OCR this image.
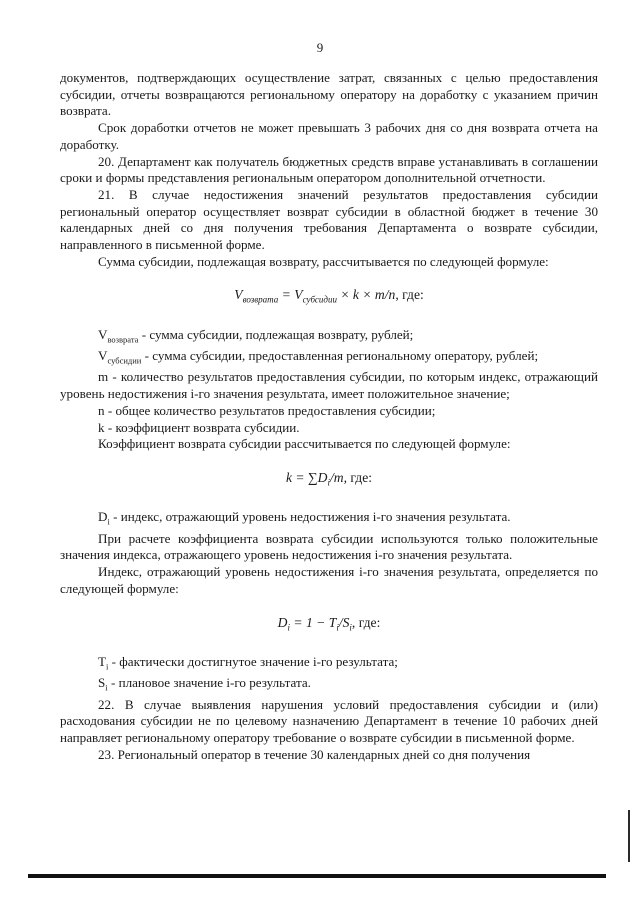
9

документов, подтверждающих осуществление затрат, связанных с целью предоставления субсидии, отчеты возвращаются региональному оператору на доработку с указанием причин возврата.

Срок доработки отчетов не может превышать 3 рабочих дня со дня возврата отчета на доработку.

20. Департамент как получатель бюджетных средств вправе устанавливать в соглашении сроки и формы представления региональным оператором дополнительной отчетности.

21. В случае недостижения значений результатов предоставления субсидии региональный оператор осуществляет возврат субсидии в областной бюджет в течение 30 календарных дней со дня получения требования Департамента о возврате субсидии, направленного в письменной форме.

Сумма субсидии, подлежащая возврату, рассчитывается по следующей формуле:

$V_{возврата} = V_{субсидии} \times k \times m/n$, где:

$V_{возврата}$ - сумма субсидии, подлежащая возврату, рублей;

$V_{субсидии}$ - сумма субсидии, предоставленная региональному оператору, рублей;

m - количество результатов предоставления субсидии, по которым индекс, отражающий уровень недостижения i-го значения результата, имеет положительное значение;

n - общее количество результатов предоставления субсидии;

k - коэффициент возврата субсидии.

Коэффициент возврата субсидии рассчитывается по следующей формуле:

$k = \sum D_i/m$, где:

$D_i$ - индекс, отражающий уровень недостижения i-го значения результата.

При расчете коэффициента возврата субсидии используются только положительные значения индекса, отражающего уровень недостижения i-го значения результата.

Индекс, отражающий уровень недостижения i-го значения результата, определяется по следующей формуле:

$D_i = 1 - T_i/S_i$, где:

$T_i$ - фактически достигнутое значение i-го результата;

$S_i$ - плановое значение i-го результата.

22. В случае выявления нарушения условий предоставления субсидии и (или) расходования субсидии не по целевому назначению Департамент в течение 10 рабочих дней направляет региональному оператору требование о возврате субсидии в письменной форме.

23. Региональный оператор в течение 30 календарных дней со дня получения
